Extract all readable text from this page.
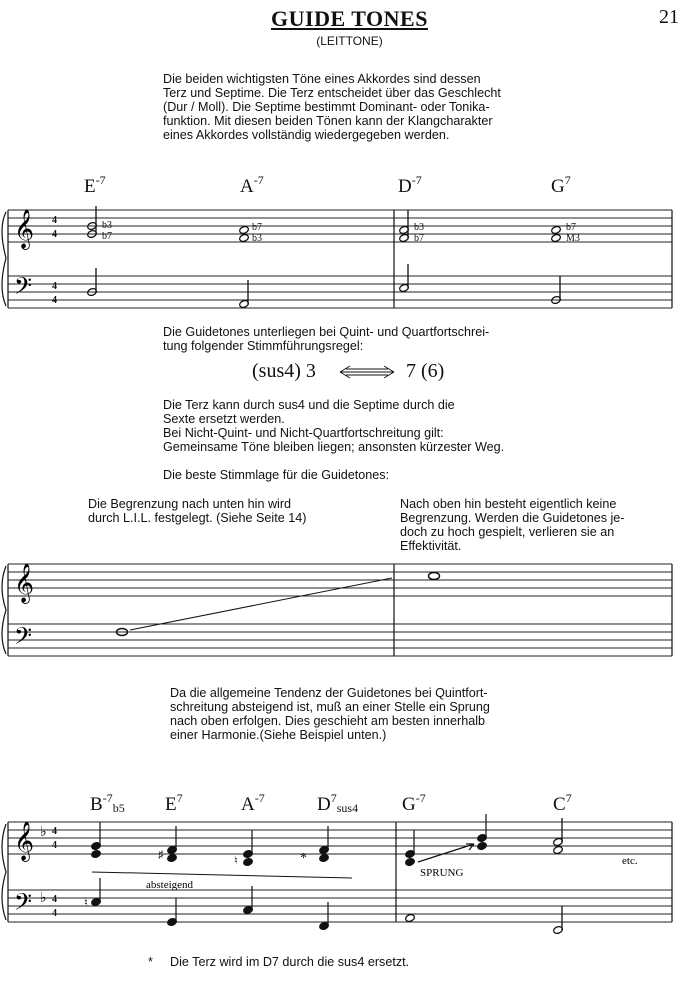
GUIDE TONES
(LEITTONE)
21
Die beiden wichtigsten Töne eines Akkordes sind dessen
Terz und Septime. Die Terz entscheidet über das Geschlecht
(Dur / Moll). Die Septime bestimmt Dominant- oder Tonika-
funktion. Mit diesen beiden Tönen kann der Klangcharakter
eines Akkordes vollständig wiedergegeben werden.
$E^{-7}$	$A^{-7}$	$D^{-7}$	$G^7$
𝄞
𝄢
4
4
4
4
b3
b7
b7
b3
b3
b7
b7
M3
Die Guidetones unterliegen bei Quint- und Quartfortschrei-
tung folgender Stimmführungsregel:
(sus4) 3	7 (6)
Die Terz kann durch sus4 und die Septime durch die
Sexte ersetzt werden.
Bei Nicht-Quint- und Nicht-Quartfortschreitung gilt:
Gemeinsame Töne bleiben liegen; ansonsten kürzester Weg.
Die beste Stimmlage für die Guidetones:
Die Begrenzung nach unten hin wird
durch L.I.L. festgelegt. (Siehe Seite 14)
Nach oben hin besteht eigentlich keine
Begrenzung. Werden die Guidetones je-
doch zu hoch gespielt, verlieren sie an
Effektivität.
𝄞
𝄢
Da die allgemeine Tendenz der Guidetones bei Quintfort-
schreitung absteigend ist, muß an einer Stelle ein Sprung
nach oben erfolgen. Dies geschieht am besten innerhalb
einer Harmonie.(Siehe Beispiel unten.)
$B^{-7}_{b5}$ $E^7$	$A^{-7}$	$D^7_{sus4}$ $G^{-7}$	$C^7$
𝄞
𝄢
♭
♭
4
4
4
4
♯	♮	*
absteigend
SPRUNG
etc.
♮
* Die Terz wird im D7 durch die sus4 ersetzt.
